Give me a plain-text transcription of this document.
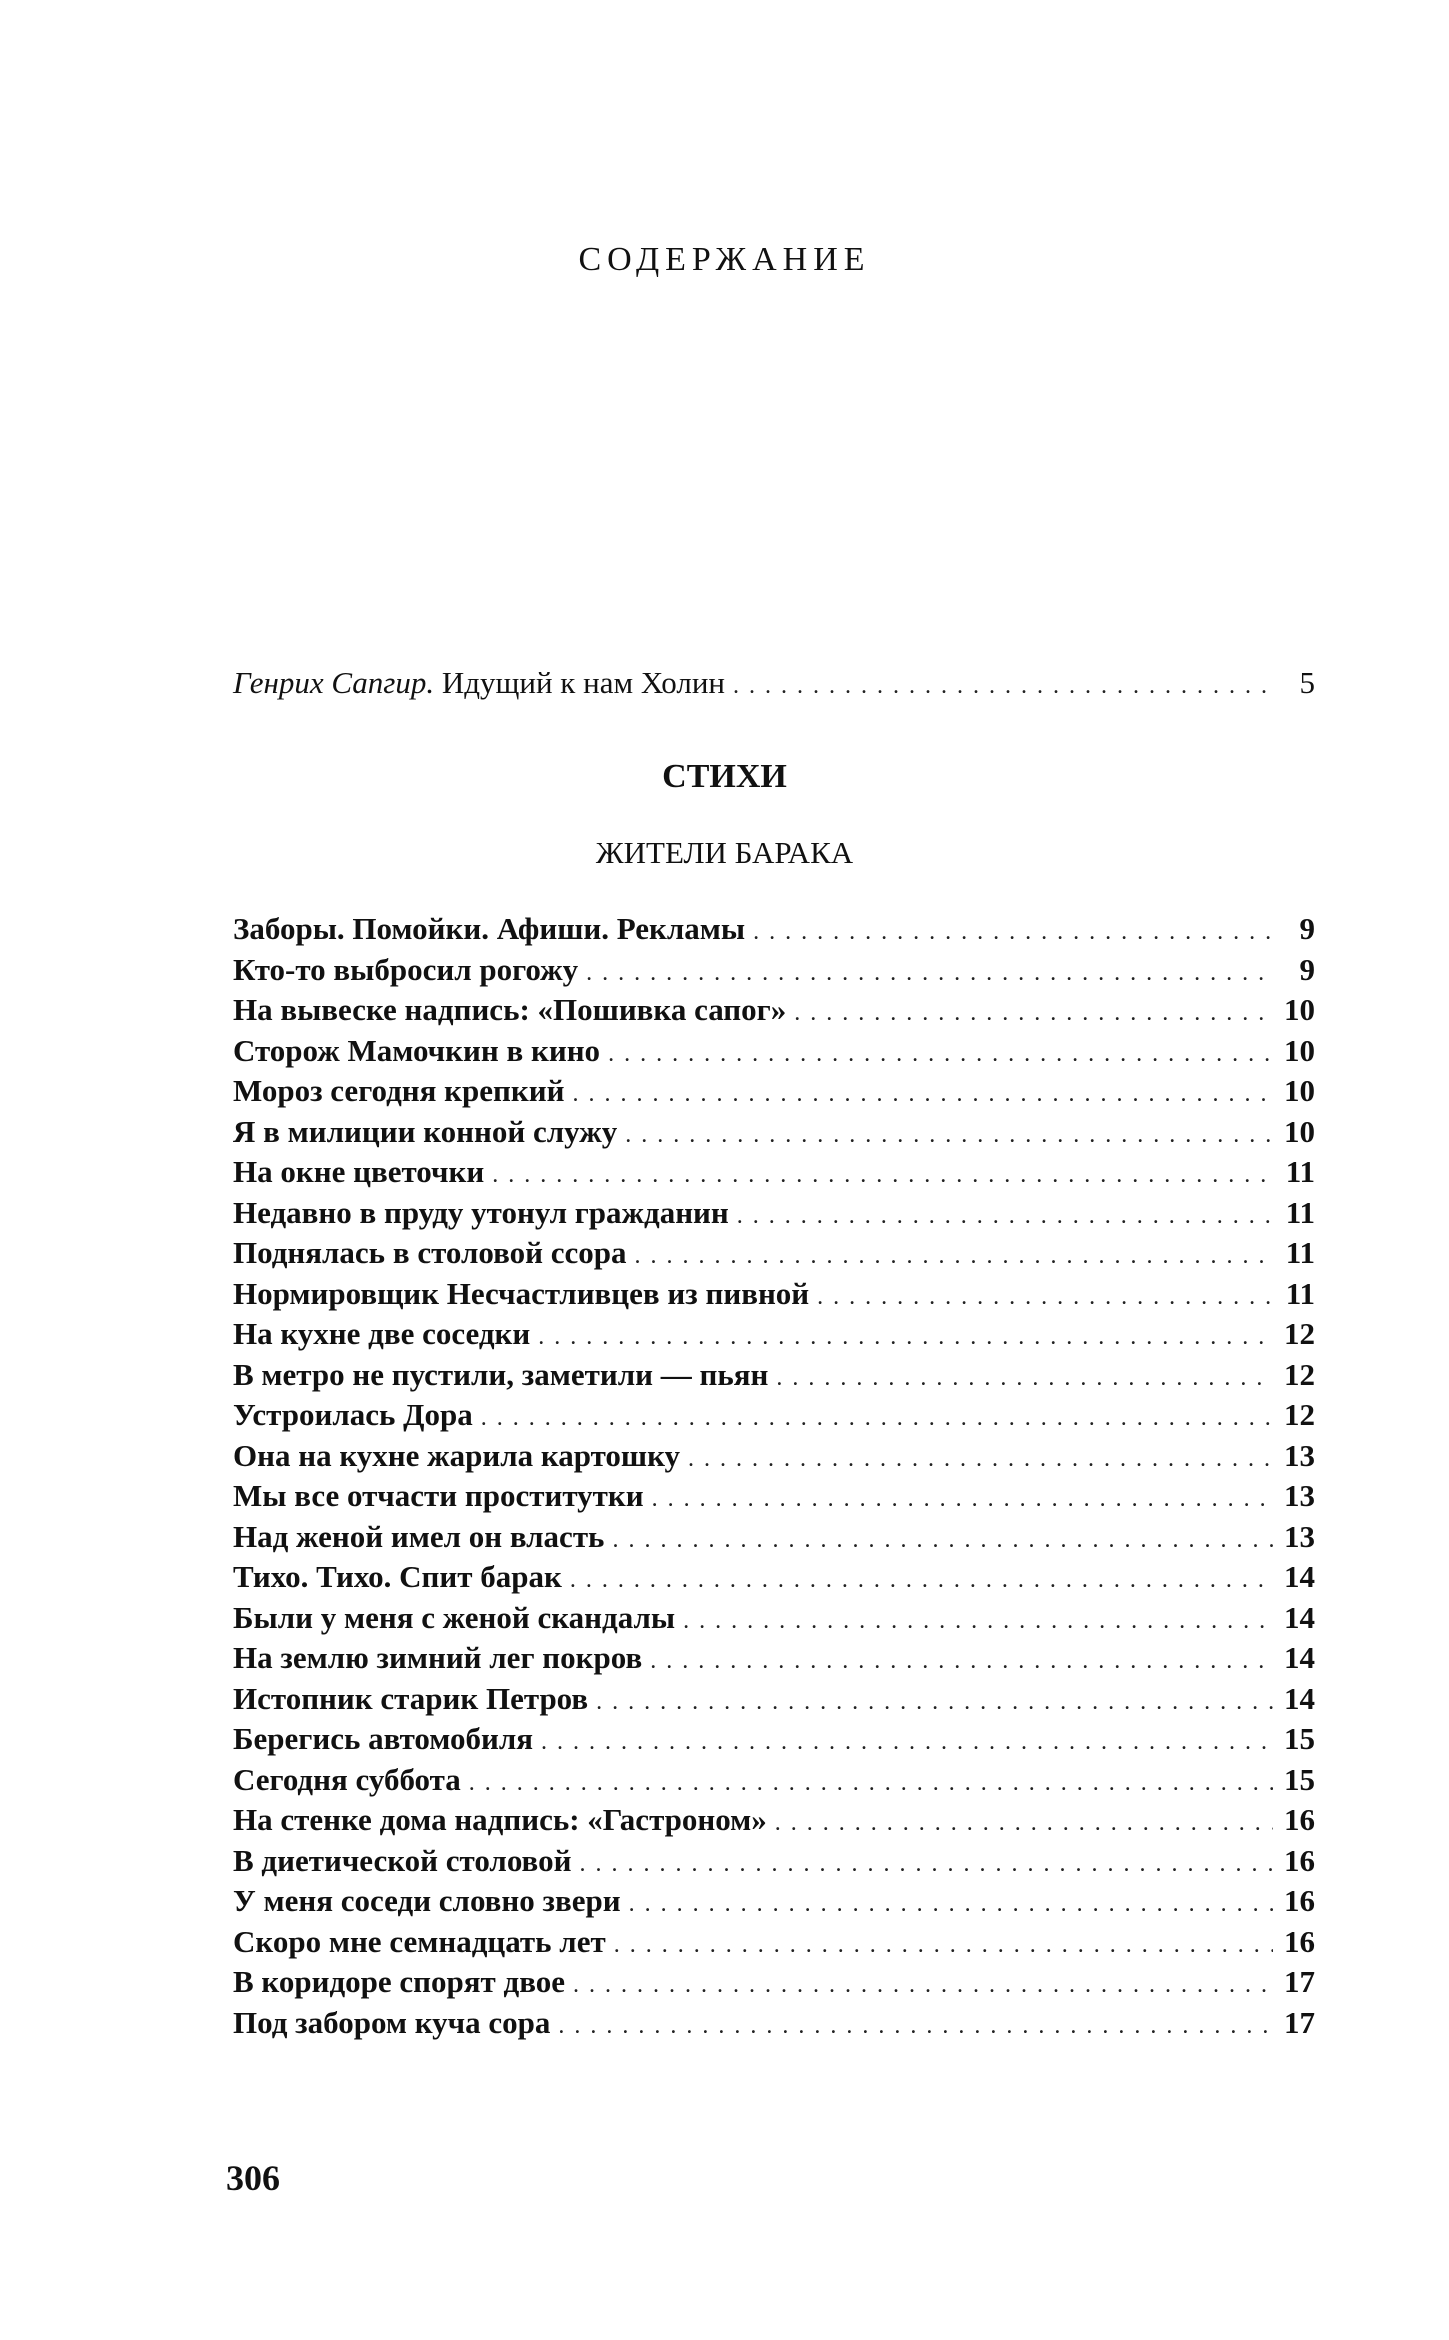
СОДЕРЖАНИЕ
Генрих Сапгир. Идущий к нам Холин . . .	5
СТИХИ
ЖИТЕЛИ БАРАКА
Заборы. Помойки. Афиши. Рекламы . . .	9
Кто-то выбросил рогожу . . .	9
На вывеске надпись: «Пошивка сапог» . . .	10
Сторож Мамочкин в кино . . .	10
Мороз сегодня крепкий . . .	10
Я в милиции конной служу . . .	10
На окне цветочки . . .	11
Недавно в пруду утонул гражданин . . .	11
Поднялась в столовой ссора . . .	11
Нормировщик Несчастливцев из пивной . . .	11
На кухне две соседки . . .	12
В метро не пустили, заметили — пьян . . .	12
Устроилась Дора . . .	12
Она на кухне жарила картошку . . .	13
Мы все отчасти проститутки . . .	13
Над женой имел он власть . . .	13
Тихо. Тихо. Спит барак . . .	14
Были у меня с женой скандалы . . .	14
На землю зимний лег покров . . .	14
Истопник старик Петров . . .	14
Берегись автомобиля . . .	15
Сегодня суббота . . .	15
На стенке дома надпись: «Гастроном» . . .	16
В диетической столовой . . .	16
У меня соседи словно звери . . .	16
Скоро мне семнадцать лет . . .	16
В коридоре спорят двое . . .	17
Под забором куча сора . . .	17
306
